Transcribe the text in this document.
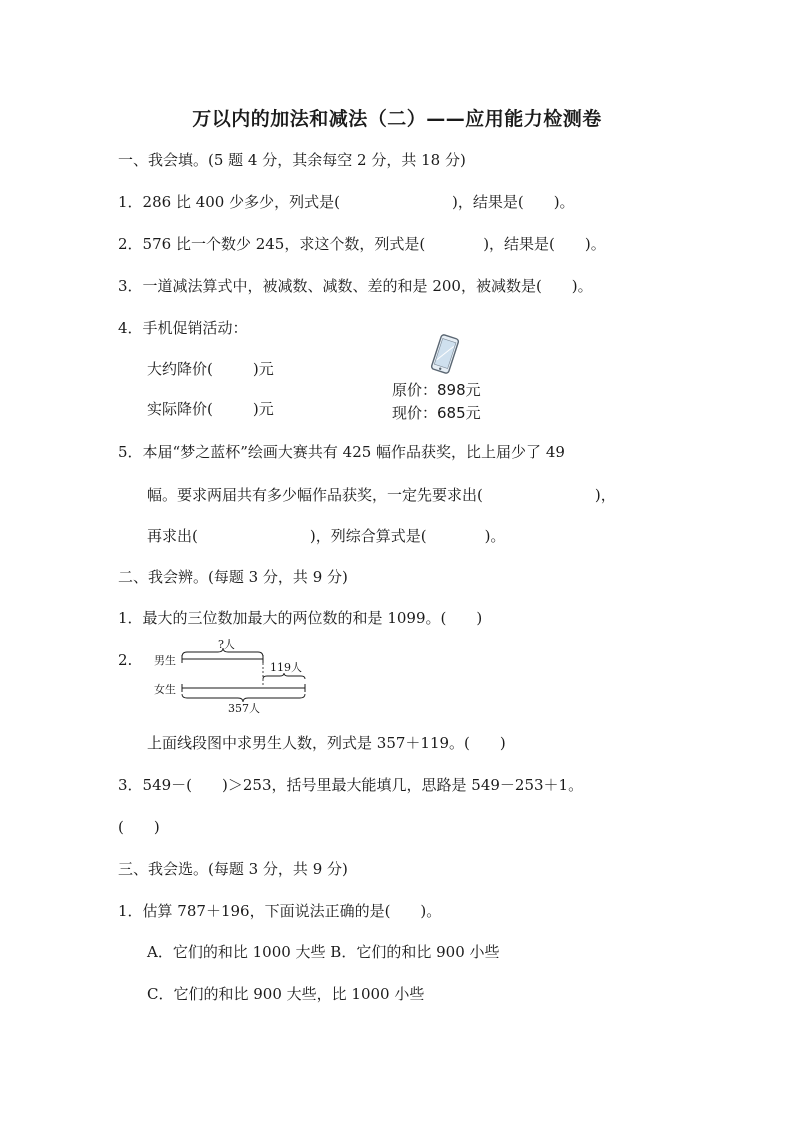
万以内的加法和减法（二）——应用能力检测卷
一、我会填。(5 题 4 分，其余每空 2 分，共 18 分)
1．286 比 400 少多少，列式是(	)，结果是( )。
2．576 比一个数少 245，求这个数，列式是(	)，结果是( )。
3．一道减法算式中，被减数、减数、差的和是 200，被减数是( )。
4．手机促销活动：
大约降价(	)元
原价：898元
实际降价(	)元	现价：685元
5．本届“梦之蓝杯”绘画大赛共有 425 幅作品获奖，比上届少了 49
幅。要求两届共有多少幅作品获奖，一定先要求出(	)，
再求出(	)，列综合算式是(	)。
二、我会辨。(每题 3 分，共 9 分)
1．最大的三位数加最大的两位数的和是 1099。(　　)
2.
?人
男生
119人
女生
357人
上面线段图中求男生人数，列式是 357＋119。(　　)
3．549－(　　)＞253，括号里最大能填几，思路是 549－253＋1。
(　　)
三、我会选。(每题 3 分，共 9 分)
1．估算 787＋196，下面说法正确的是(　　)。
A．它们的和比 1000 大些 B．它们的和比 900 小些
C．它们的和比 900 大些，比 1000 小些
